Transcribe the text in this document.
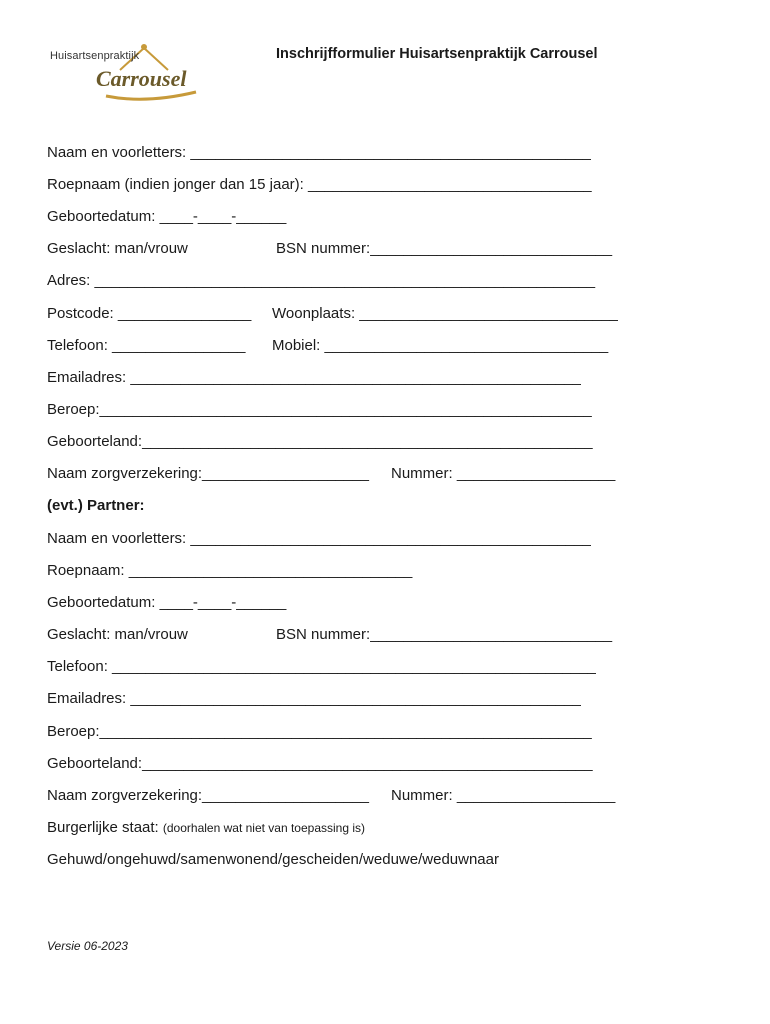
Huisartsenpraktijk
Carrousel
Inschrijfformulier Huisartsenpraktijk Carrousel
Naam en voorletters: ________________________________________________
Roepnaam (indien jonger dan 15 jaar): __________________________________
Geboortedatum: ____-____-______
Geslacht: man/vrouw	BSN nummer:_____________________________
Adres: ____________________________________________________________
Postcode: ________________ Woonplaats: _______________________________
Telefoon: ________________ Mobiel: __________________________________
Emailadres: ______________________________________________________
Beroep:___________________________________________________________
Geboorteland:______________________________________________________
Naam zorgverzekering:____________________ Nummer: ___________________
(evt.) Partner:
Naam en voorletters: ________________________________________________
Roepnaam: __________________________________
Geboortedatum: ____-____-______
Geslacht: man/vrouw	BSN nummer:_____________________________
Telefoon: __________________________________________________________
Emailadres: ______________________________________________________
Beroep:___________________________________________________________
Geboorteland:______________________________________________________
Naam zorgverzekering:____________________ Nummer: ___________________
Burgerlijke staat: (doorhalen wat niet van toepassing is)
Gehuwd/ongehuwd/samenwonend/gescheiden/weduwe/weduwnaar
Versie 06-2023
